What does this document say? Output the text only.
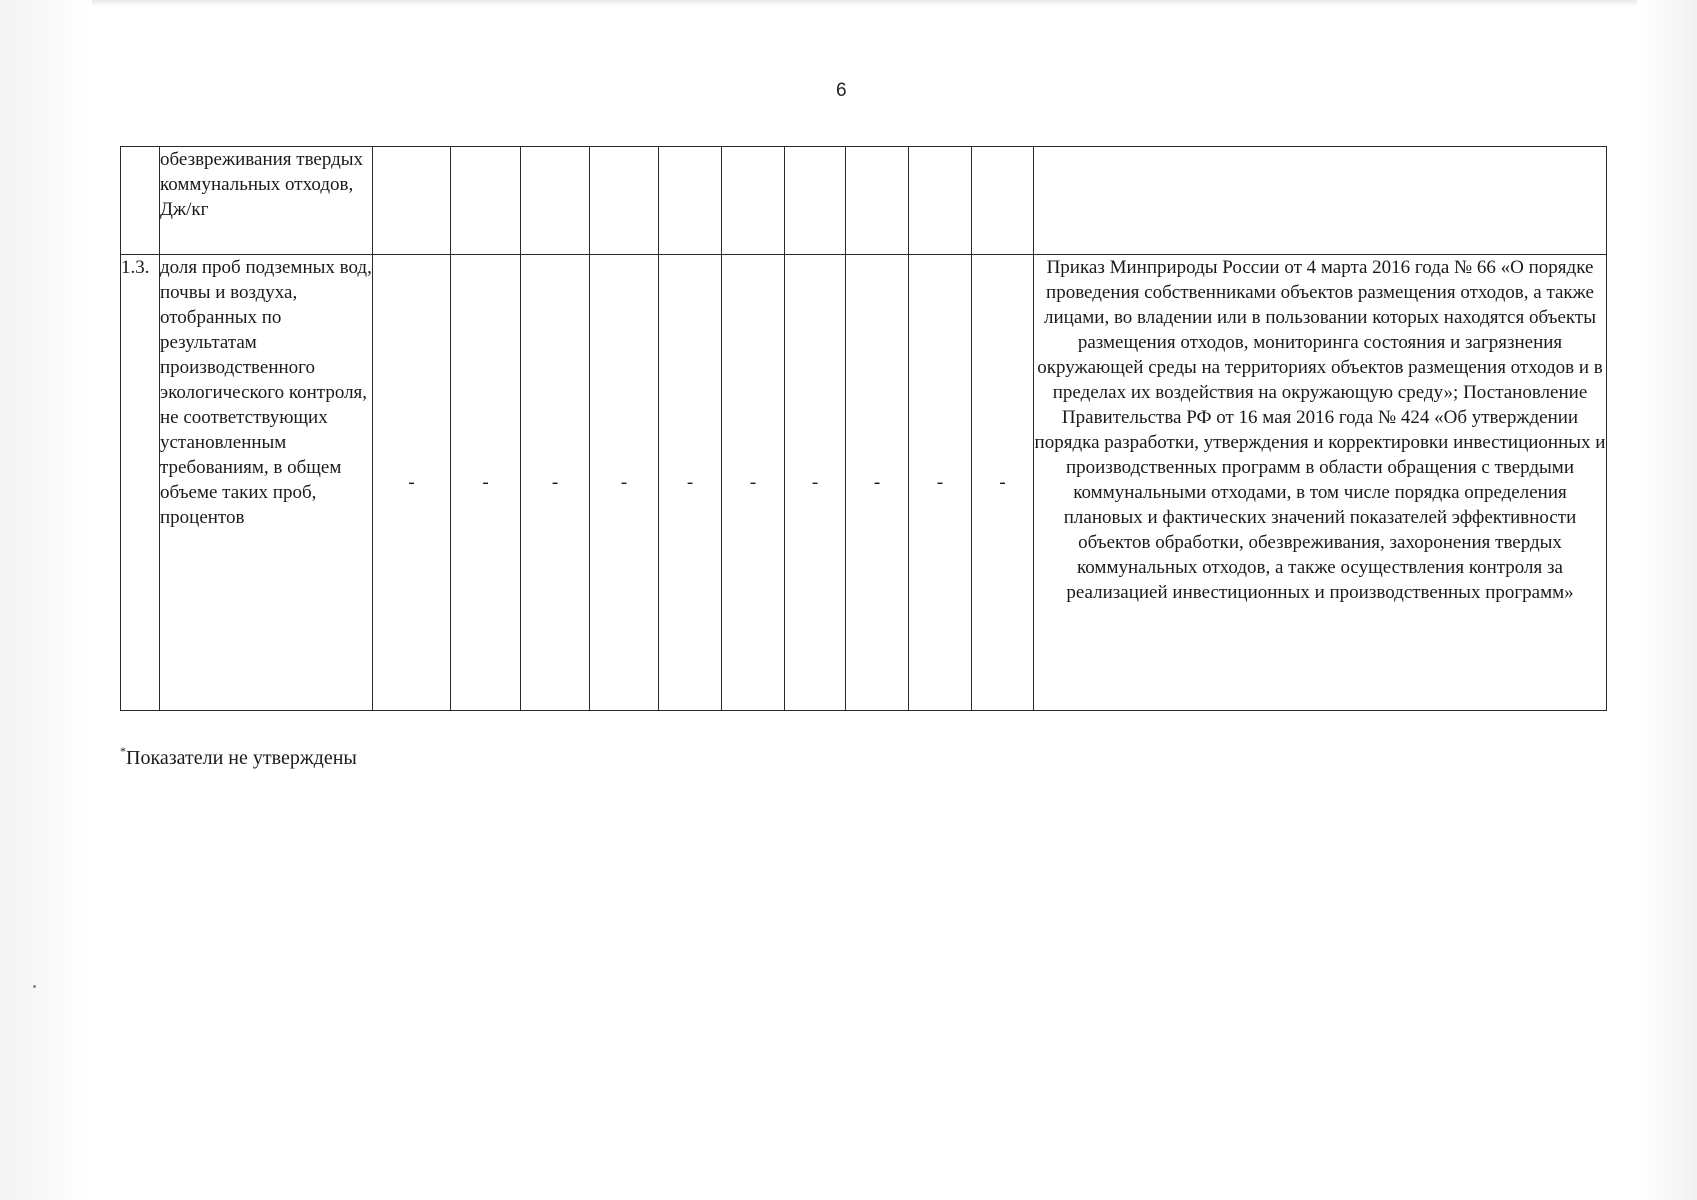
6
	обезвреживания твердых коммунальных отходов, Дж/кг											
1.3.	доля проб подземных вод, почвы и воздуха, отобранных по результатам производственного экологического контроля, не соответствующих установленным требованиям, в общем объеме таких проб, процентов	-	-	-	-	-	-	-	-	-	-	Приказ Минприроды России от 4 марта 2016 года № 66 «О порядке проведения собственниками объектов размещения отходов, а также лицами, во владении или в пользовании которых находятся объекты размещения отходов, мониторинга состояния и загрязнения окружающей среды на территориях объектов размещения отходов и в пределах их воздействия на окружающую среду»; Постановление Правительства РФ от 16 мая 2016 года № 424 «Об утверждении порядка разработки, утверждения и корректировки инвестиционных и производственных программ в области обращения с твердыми коммунальными отходами, в том числе порядка определения плановых и фактических значений показателей эффективности объектов обработки, обезвреживания, захоронения твердых коммунальных отходов, а также осуществления контроля за реализацией инвестиционных и производственных программ»
*Показатели не утверждены
